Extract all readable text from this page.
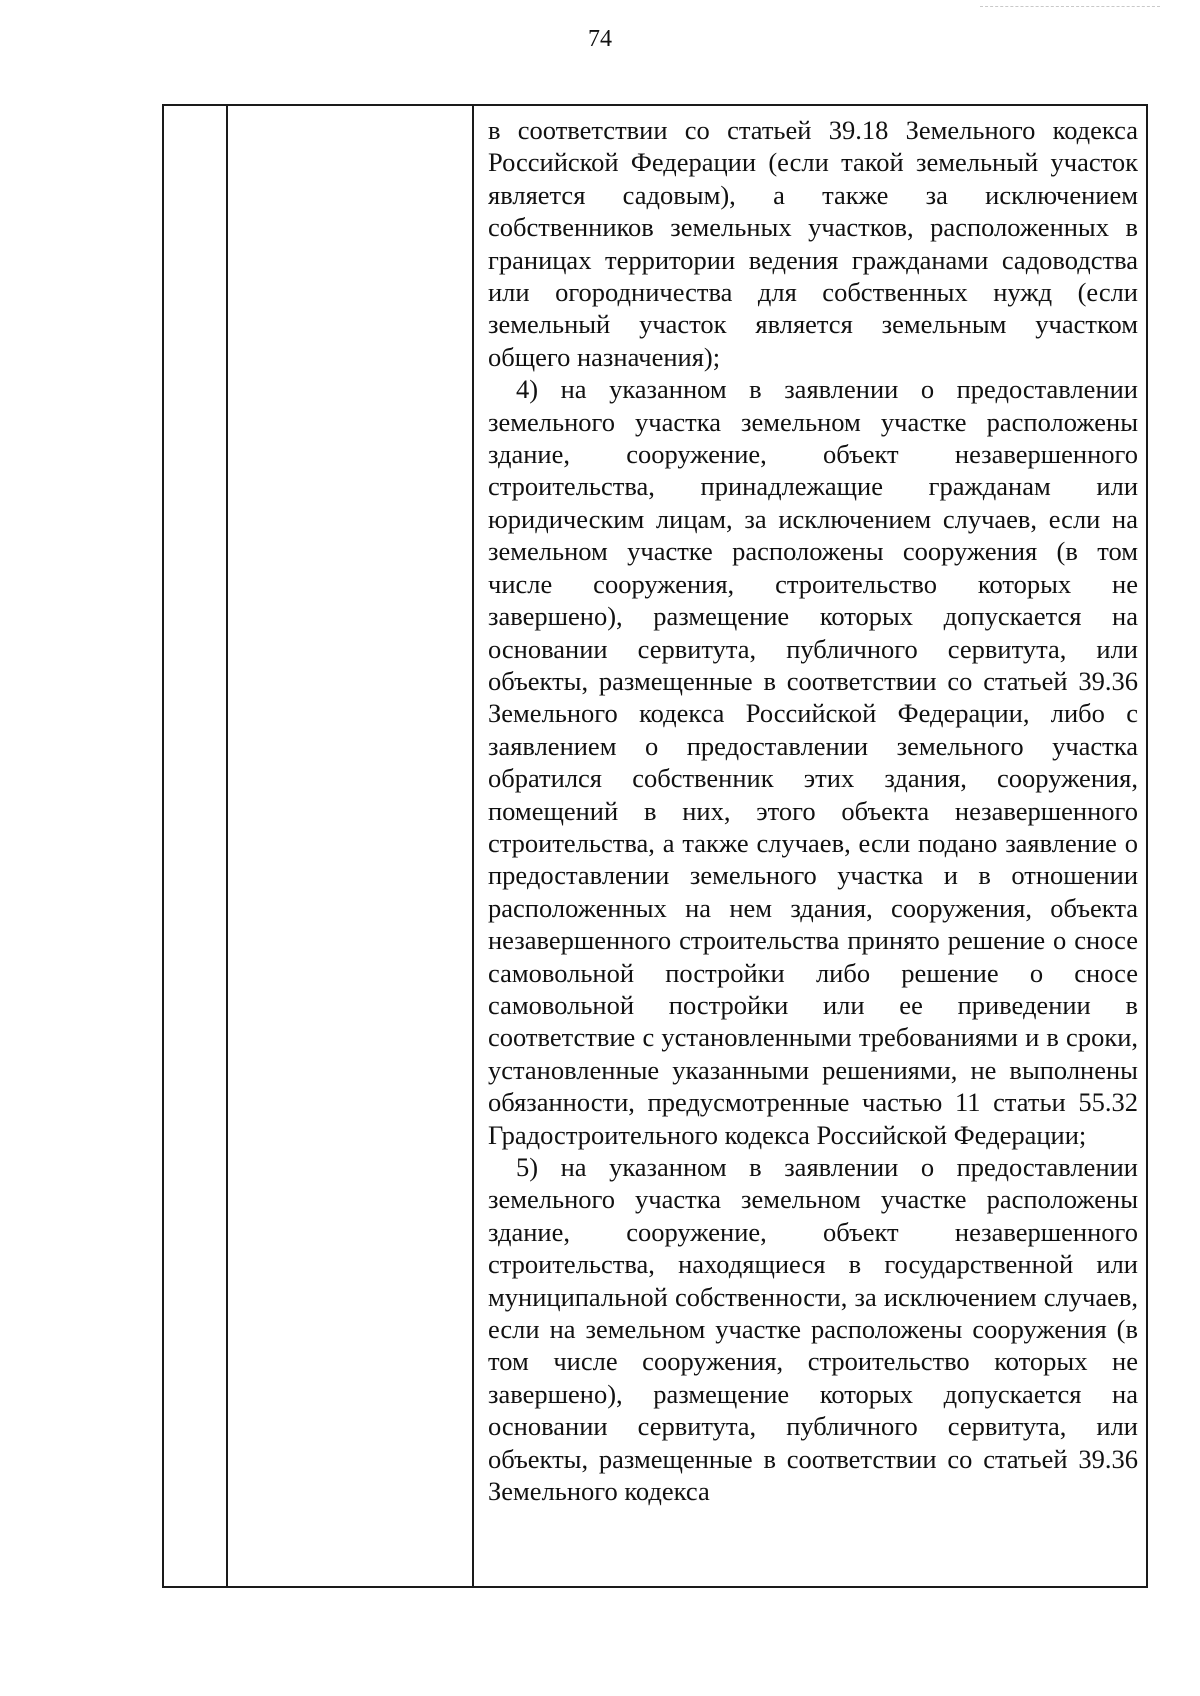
74

в соответствии со статьей 39.18 Земельного кодекса Российской Федерации (если такой земельный участок является садовым), а также за исключением собственников земельных участков, расположенных в границах территории ведения гражданами садоводства или огородничества для собственных нужд (если земельный участок является земельным участком общего назначения);

4) на указанном в заявлении о предоставлении земельного участка земельном участке расположены здание, сооружение, объект незавершенного строительства, принадлежащие гражданам или юридическим лицам, за исключением случаев, если на земельном участке расположены сооружения (в том числе сооружения, строительство которых не завершено), размещение которых допускается на основании сервитута, публичного сервитута, или объекты, размещенные в соответствии со статьей 39.36 Земельного кодекса Российской Федерации, либо с заявлением о предоставлении земельного участка обратился собственник этих здания, сооружения, помещений в них, этого объекта незавершенного строительства, а также случаев, если подано заявление о предоставлении земельного участка и в отношении расположенных на нем здания, сооружения, объекта незавершенного строительства принято решение о сносе самовольной постройки либо решение о сносе самовольной постройки или ее приведении в соответствие с установленными требованиями и в сроки, установленные указанными решениями, не выполнены обязанности, предусмотренные частью 11 статьи 55.32 Градостроительного кодекса Российской Федерации;

5) на указанном в заявлении о предоставлении земельного участка земельном участке расположены здание, сооружение, объект незавершенного строительства, находящиеся в государственной или муниципальной собственности, за исключением случаев, если на земельном участке расположены сооружения (в том числе сооружения, строительство которых не завершено), размещение которых допускается на основании сервитута, публичного сервитута, или объекты, размещенные в соответствии со статьей 39.36 Земельного кодекса
